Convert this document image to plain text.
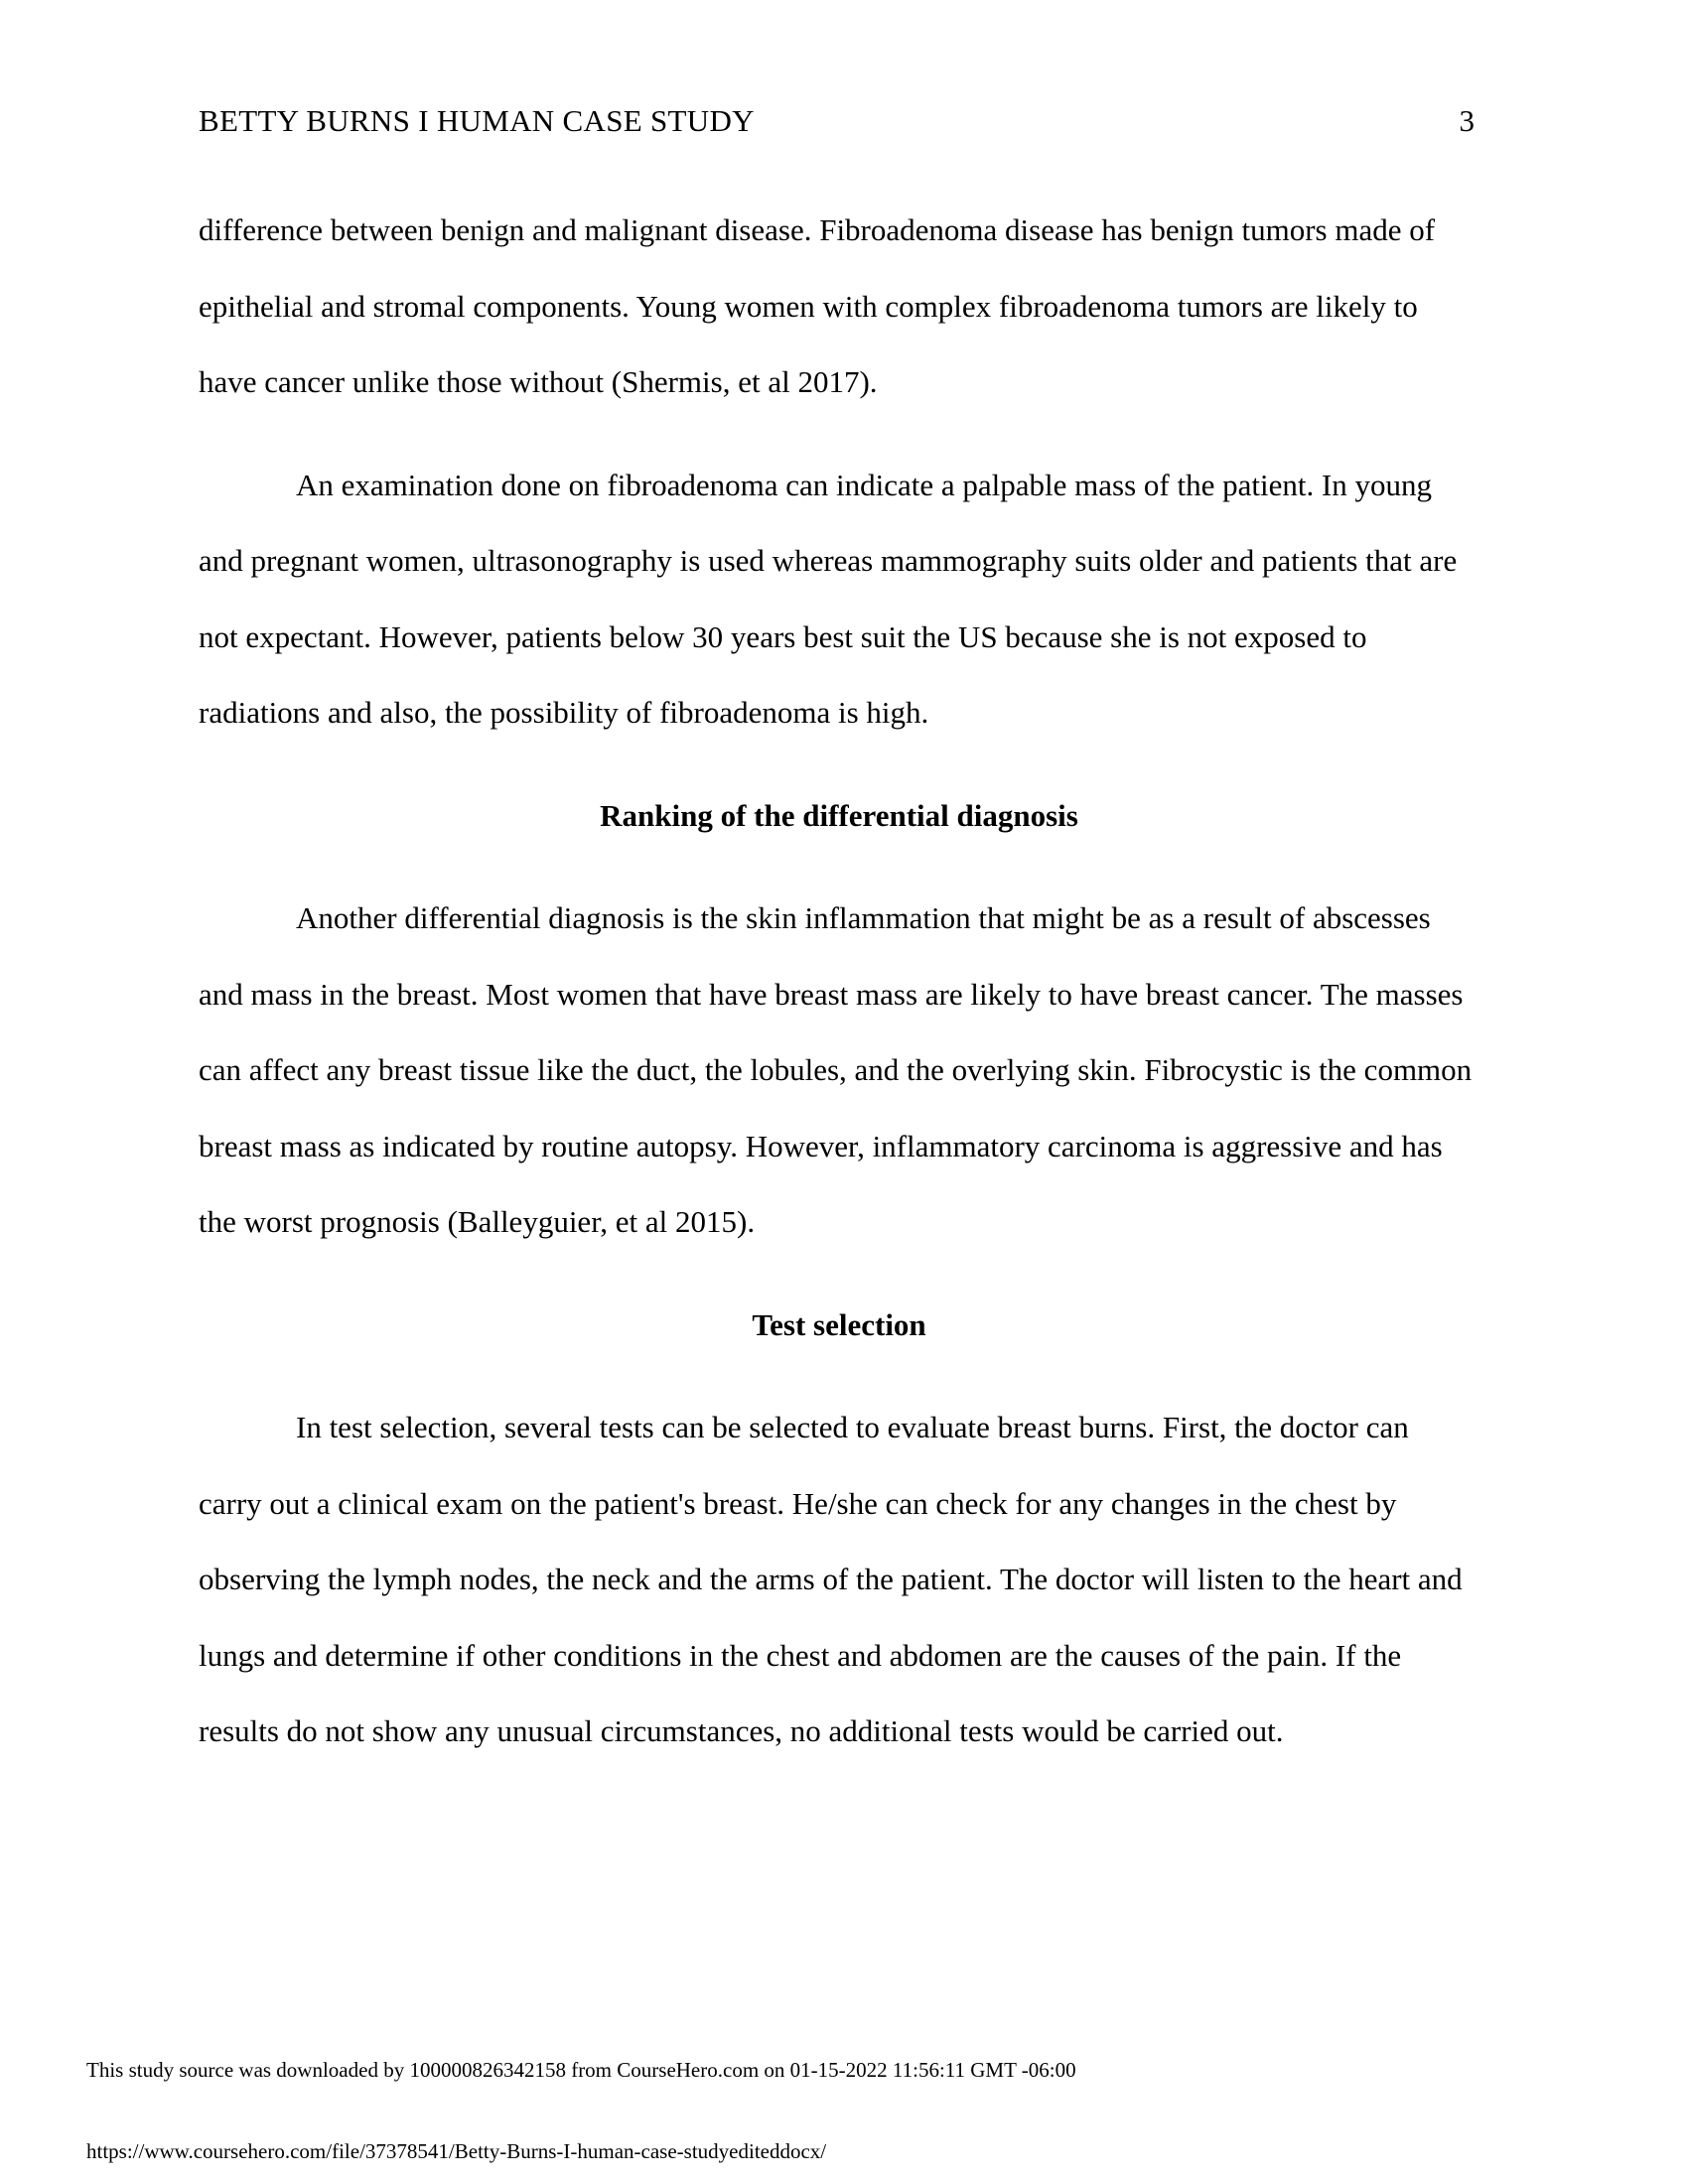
BETTY BURNS I HUMAN CASE STUDY	3

difference between benign and malignant disease. Fibroadenoma disease has benign tumors made of epithelial and stromal components. Young women with complex fibroadenoma tumors are likely to have cancer unlike those without (Shermis, et al 2017).

An examination done on fibroadenoma can indicate a palpable mass of the patient. In young and pregnant women, ultrasonography is used whereas mammography suits older and patients that are not expectant. However, patients below 30 years best suit the US because she is not exposed to radiations and also, the possibility of fibroadenoma is high.

Ranking of the differential diagnosis

Another differential diagnosis is the skin inflammation that might be as a result of abscesses and mass in the breast. Most women that have breast mass are likely to have breast cancer. The masses can affect any breast tissue like the duct, the lobules, and the overlying skin. Fibrocystic is the common breast mass as indicated by routine autopsy. However, inflammatory carcinoma is aggressive and has the worst prognosis (Balleyguier, et al 2015).

Test selection

In test selection, several tests can be selected to evaluate breast burns. First, the doctor can carry out a clinical exam on the patient's breast. He/she can check for any changes in the chest by observing the lymph nodes, the neck and the arms of the patient. The doctor will listen to the heart and lungs and determine if other conditions in the chest and abdomen are the causes of the pain. If the results do not show any unusual circumstances, no additional tests would be carried out.

This study source was downloaded by 100000826342158 from CourseHero.com on 01-15-2022 11:56:11 GMT -06:00
https://www.coursehero.com/file/37378541/Betty-Burns-I-human-case-studyediteddocx/
